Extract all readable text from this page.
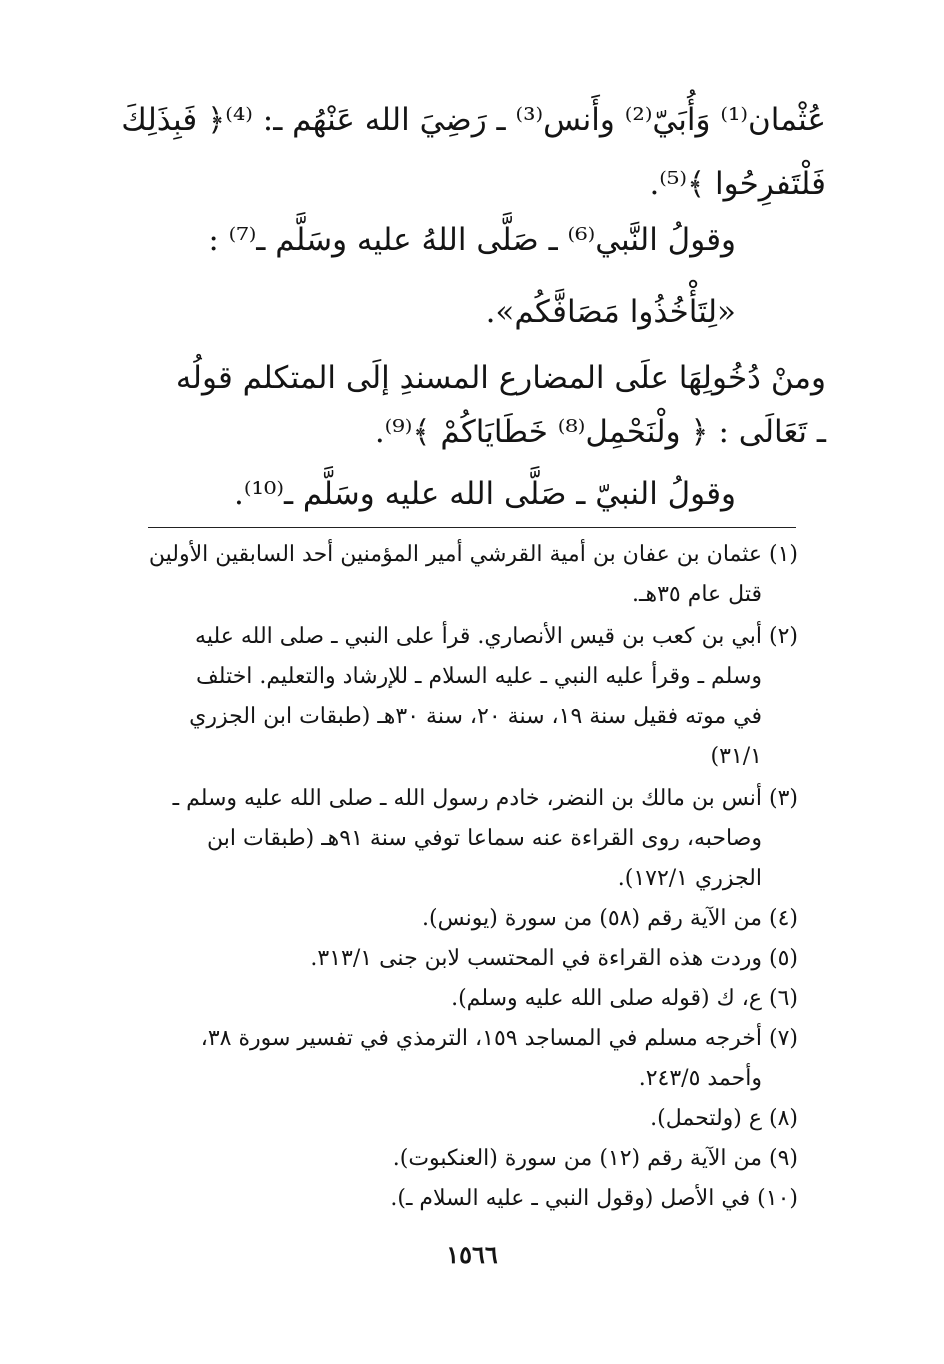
عُثْمان⁽¹⁾ وَأُبَيّ⁽²⁾ وأَنس⁽³⁾ ـ رَضِيَ الله عَنْهُم ـ: ⁽⁴⁾﴿ فَبِذَلِكَ
فَلْتَفرِحُوا ﴾⁽⁵⁾.
وقولُ النَّبي⁽⁶⁾ ـ صَلَّى اللهُ عليه وسَلَّم ـ⁽⁷⁾ :
«لِتَأْخُذُوا مَصَافَّكُم».
ومنْ دُخُولِهَا علَى المضارع المسندِ إلَى المتكلم قولُه
ـ تَعَالَى : ﴿ ولْنَحْمِل⁽⁸⁾ خَطَايَاكُمْ ﴾⁽⁹⁾.
وقولُ النبيّ ـ صَلَّى الله عليه وسَلَّم ـ⁽¹⁰⁾.
(١) عثمان بن عفان بن أمية القرشي أمير المؤمنين أحد السابقين الأولين
قتل عام ٣٥هـ.
(٢) أبي بن كعب بن قيس الأنصاري. قرأ على النبي ـ صلى الله عليه
وسلم ـ وقرأ عليه النبي ـ عليه السلام ـ للإرشاد والتعليم. اختلف
في موته فقيل سنة ١٩، سنة ٢٠، سنة ٣٠هـ (طبقات ابن الجزري
٣١/١)
(٣) أنس بن مالك بن النضر، خادم رسول الله ـ صلى الله عليه وسلم ـ
وصاحبه، روى القراءة عنه سماعا توفي سنة ٩١هـ (طبقات ابن
الجزري ١٧٢/١).
(٤) من الآية رقم (٥٨) من سورة (يونس).
(٥) وردت هذه القراءة في المحتسب لابن جنى ٣١٣/١.
(٦) ع، ك (قوله صلى الله عليه وسلم).
(٧) أخرجه مسلم في المساجد ١٥٩، الترمذي في تفسير سورة ٣٨،
وأحمد ٢٤٣/٥.
(٨) ع (ولتحمل).
(٩) من الآية رقم (١٢) من سورة (العنكبوت).
(١٠) في الأصل (وقول النبي ـ عليه السلام ـ).
١٥٦٦
